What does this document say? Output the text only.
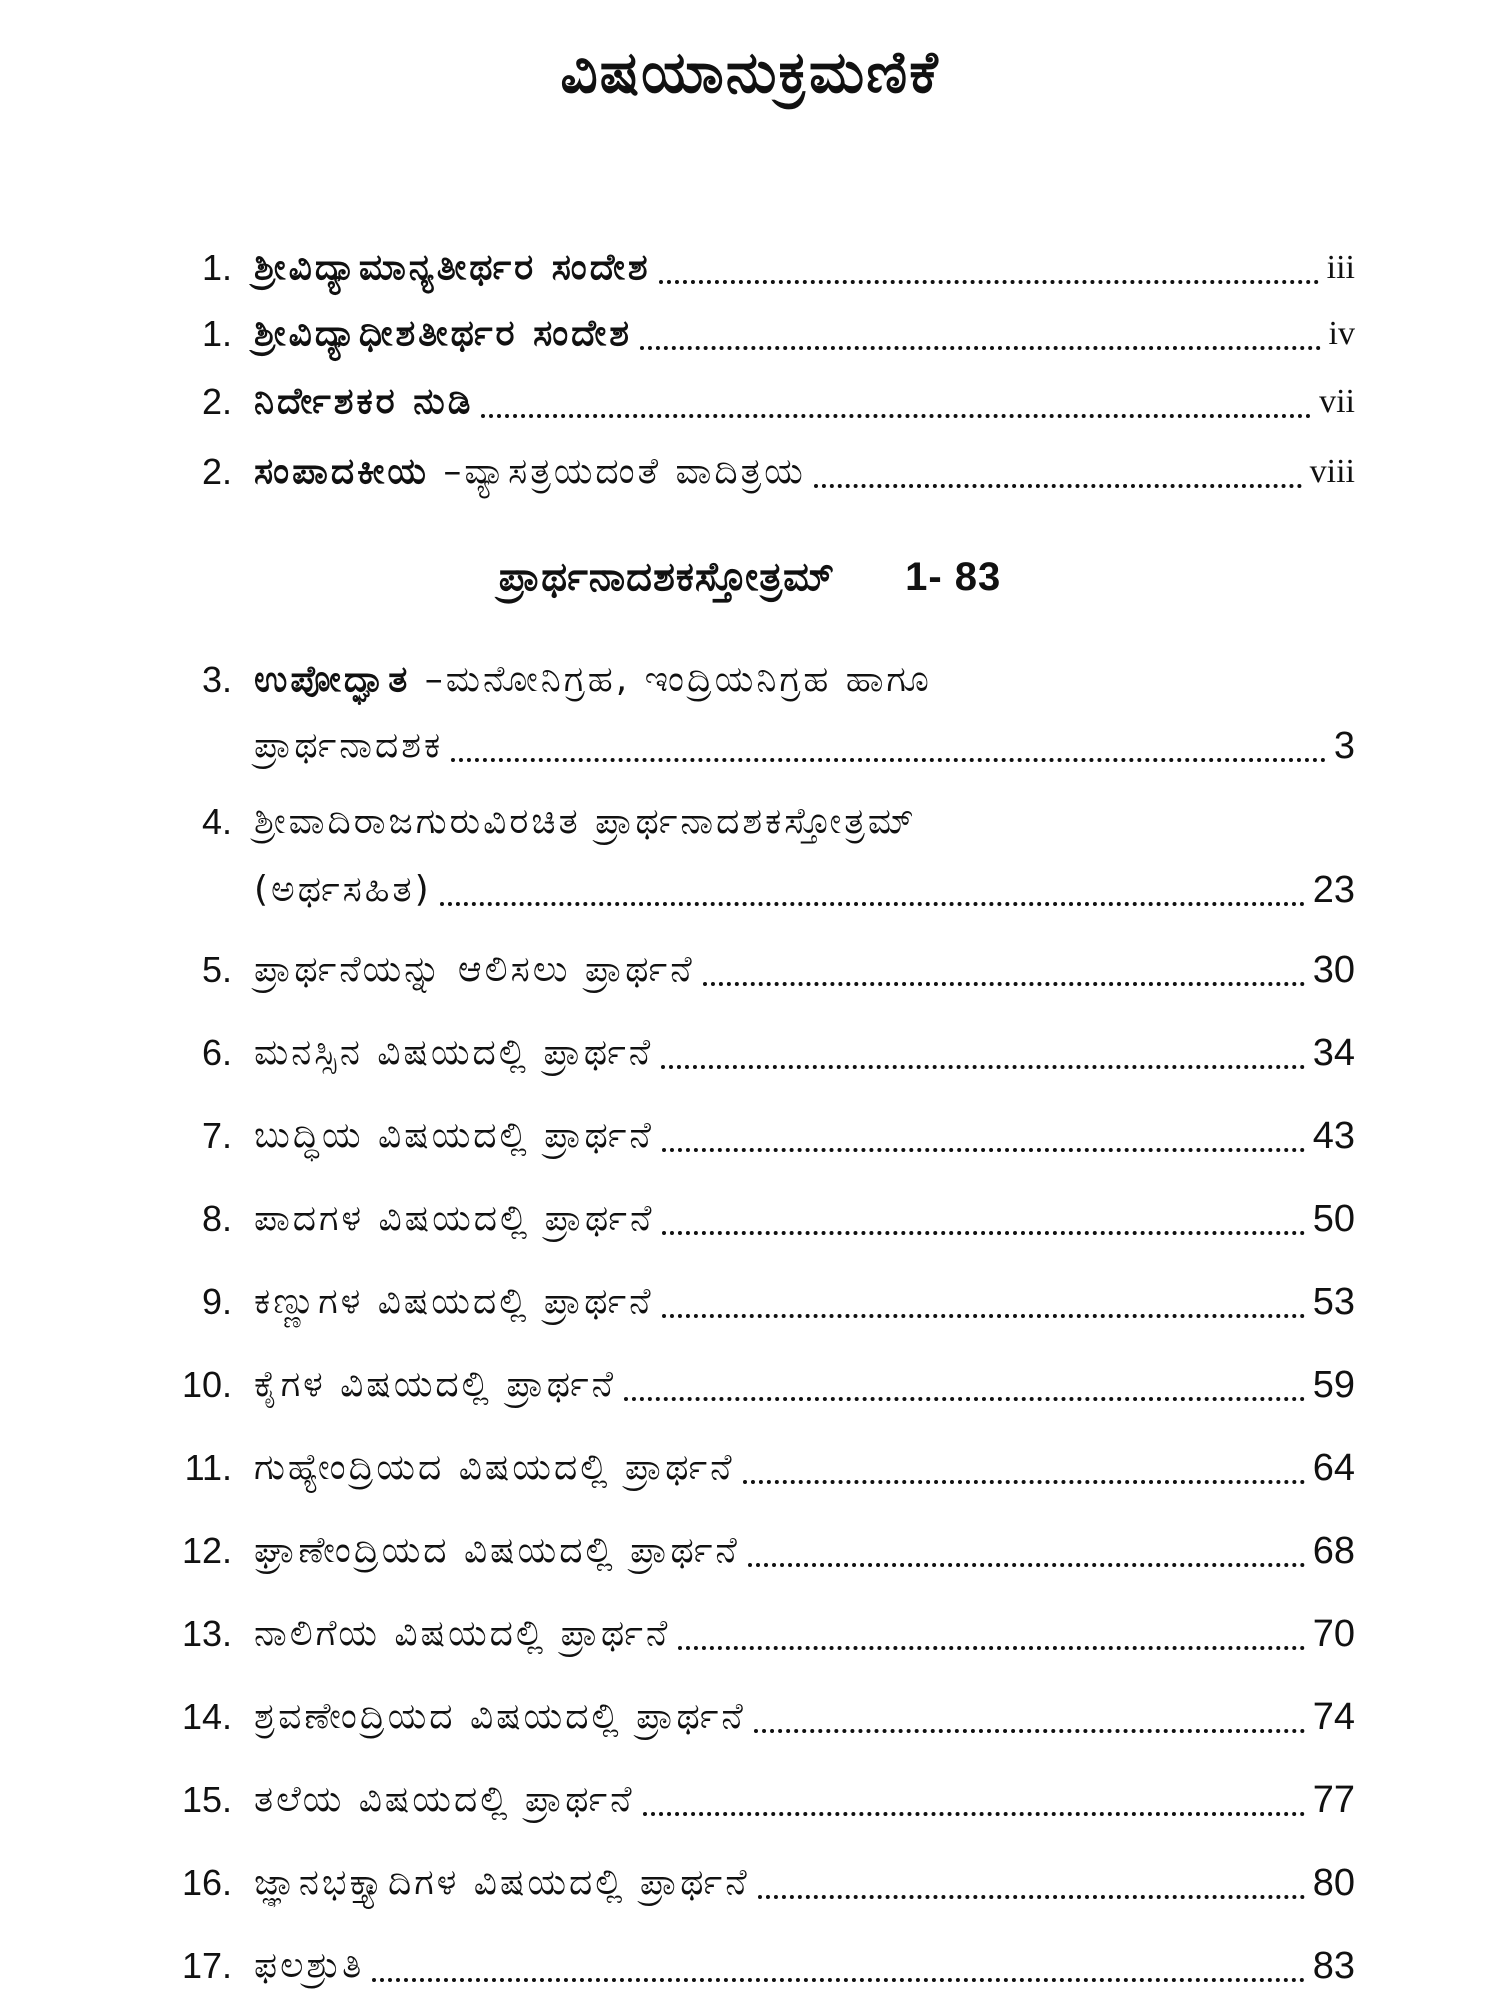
ವಿಷಯಾನುಕ್ರಮಣಿಕೆ
1. ಶ್ರೀವಿದ್ಯಾಮಾನ್ಯತೀರ್ಥರ ಸಂದೇಶ	iii
1. ಶ್ರೀವಿದ್ಯಾಧೀಶತೀರ್ಥರ ಸಂದೇಶ	iv
2. ನಿರ್ದೇಶಕರ ನುಡಿ	vii
2. ಸಂಪಾದಕೀಯ –ವ್ಯಾಸತ್ರಯದಂತೆ ವಾದಿತ್ರಯ	viii
ಪ್ರಾರ್ಥನಾದಶಕಸ್ತೋತ್ರಮ್ 1- 83
3. ಉಪೋದ್ಘಾತ –ಮನೋನಿಗ್ರಹ, ಇಂದ್ರಿಯನಿಗ್ರಹ ಹಾಗೂ
ಪ್ರಾರ್ಥನಾದಶಕ	3
4. ಶ್ರೀವಾದಿರಾಜಗುರುವಿರಚಿತ ಪ್ರಾರ್ಥನಾದಶಕಸ್ತೋತ್ರಮ್
(ಅರ್ಥಸಹಿತ)	23
5. ಪ್ರಾರ್ಥನೆಯನ್ನು ಆಲಿಸಲು ಪ್ರಾರ್ಥನೆ	30
6. ಮನಸ್ಸಿನ ವಿಷಯದಲ್ಲಿ ಪ್ರಾರ್ಥನೆ	34
7. ಬುದ್ಧಿಯ ವಿಷಯದಲ್ಲಿ ಪ್ರಾರ್ಥನೆ	43
8. ಪಾದಗಳ ವಿಷಯದಲ್ಲಿ ಪ್ರಾರ್ಥನೆ	50
9. ಕಣ್ಣುಗಳ ವಿಷಯದಲ್ಲಿ ಪ್ರಾರ್ಥನೆ	53
10. ಕೈಗಳ ವಿಷಯದಲ್ಲಿ ಪ್ರಾರ್ಥನೆ	59
11. ಗುಹ್ಯೇಂದ್ರಿಯದ ವಿಷಯದಲ್ಲಿ ಪ್ರಾರ್ಥನೆ	64
12. ಘ್ರಾಣೇಂದ್ರಿಯದ ವಿಷಯದಲ್ಲಿ ಪ್ರಾರ್ಥನೆ	68
13. ನಾಲಿಗೆಯ ವಿಷಯದಲ್ಲಿ ಪ್ರಾರ್ಥನೆ	70
14. ಶ್ರವಣೇಂದ್ರಿಯದ ವಿಷಯದಲ್ಲಿ ಪ್ರಾರ್ಥನೆ	74
15. ತಲೆಯ ವಿಷಯದಲ್ಲಿ ಪ್ರಾರ್ಥನೆ	77
16. ಜ್ಞಾನಭಕ್ತ್ಯಾದಿಗಳ ವಿಷಯದಲ್ಲಿ ಪ್ರಾರ್ಥನೆ	80
17. ಫಲಶ್ರುತಿ	83
